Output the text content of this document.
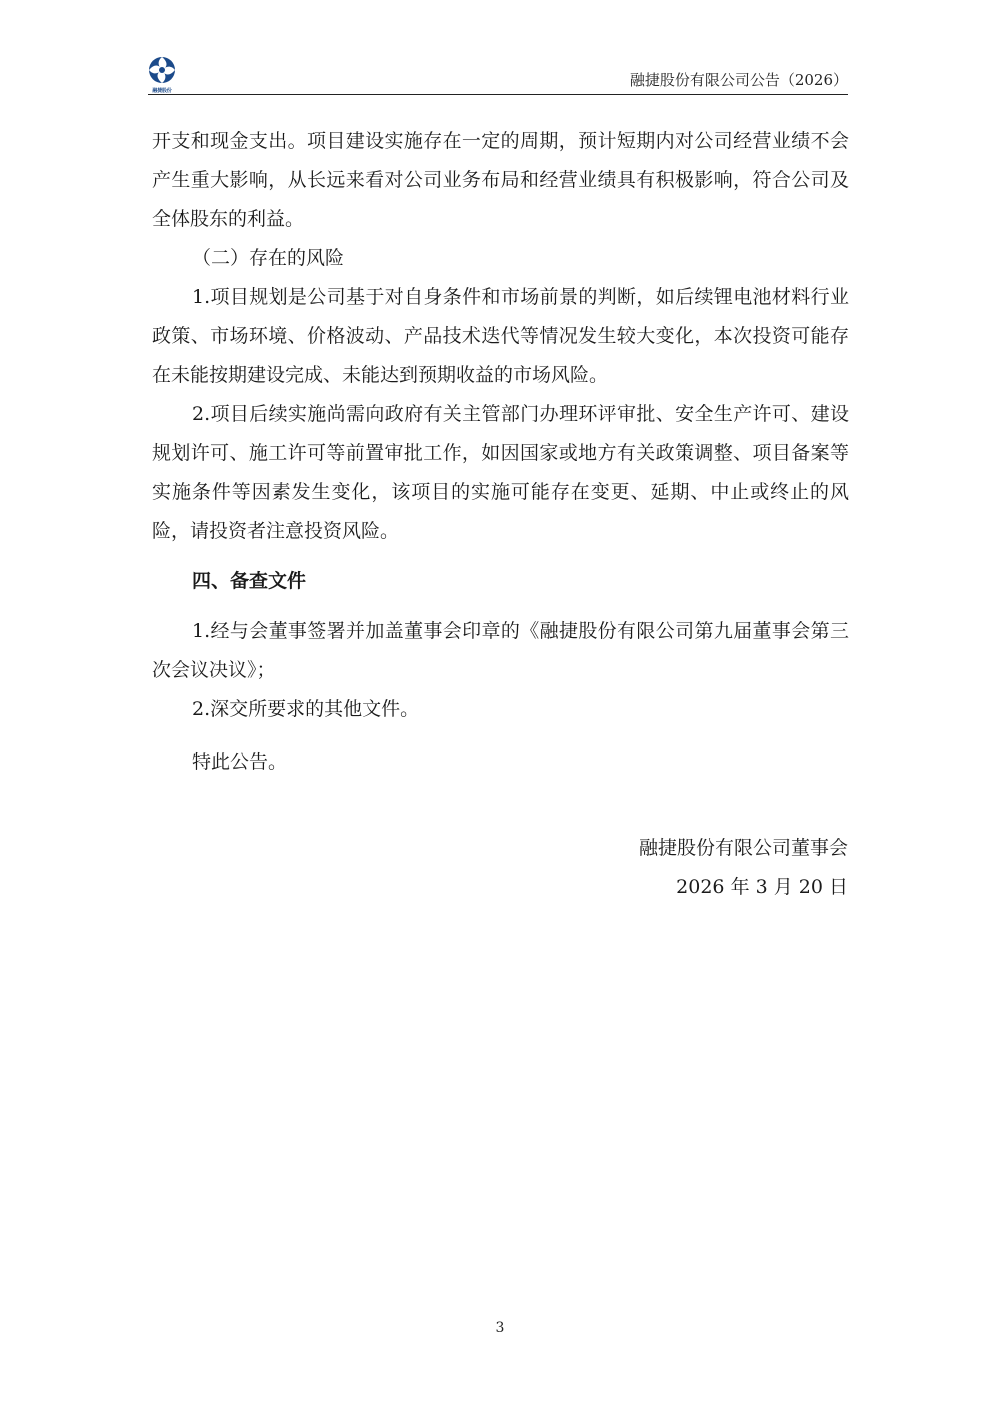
融捷股份
融捷股份有限公司公告（2026）

开支和现金支出。项目建设实施存在一定的周期，预计短期内对公司经营业绩不会产生重大影响，从长远来看对公司业务布局和经营业绩具有积极影响，符合公司及全体股东的利益。

（二）存在的风险

1.项目规划是公司基于对自身条件和市场前景的判断，如后续锂电池材料行业政策、市场环境、价格波动、产品技术迭代等情况发生较大变化，本次投资可能存在未能按期建设完成、未能达到预期收益的市场风险。

2.项目后续实施尚需向政府有关主管部门办理环评审批、安全生产许可、建设规划许可、施工许可等前置审批工作，如因国家或地方有关政策调整、项目备案等实施条件等因素发生变化，该项目的实施可能存在变更、延期、中止或终止的风险，请投资者注意投资风险。

四、备查文件

1.经与会董事签署并加盖董事会印章的《融捷股份有限公司第九届董事会第三次会议决议》；

2.深交所要求的其他文件。

特此公告。

融捷股份有限公司董事会
2026 年 3 月 20 日
3
